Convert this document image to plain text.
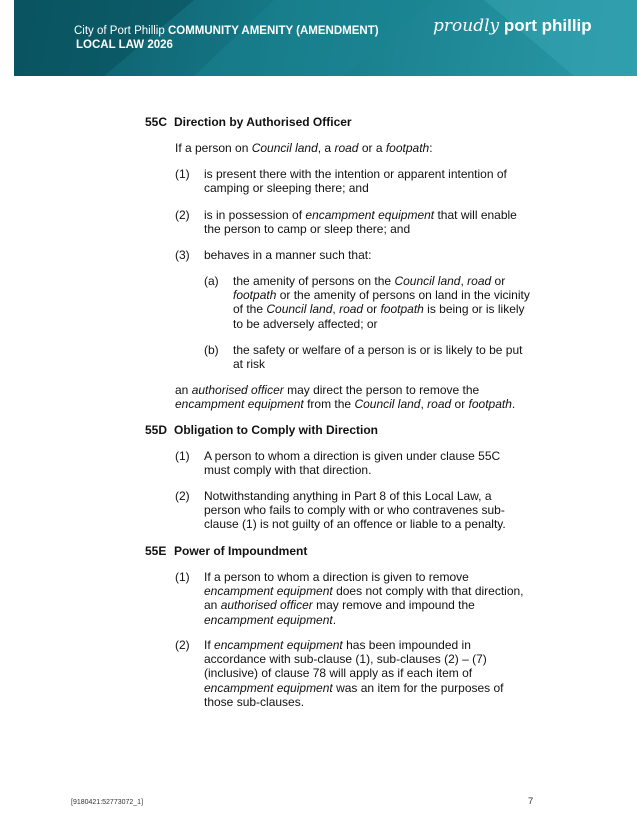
City of Port Phillip COMMUNITY AMENITY (AMENDMENT)
LOCAL LAW 2026
proudly port phillip
55C Direction by Authorised Officer
If a person on Council land, a road or a footpath:
(1) is present there with the intention or apparent intention of
camping or sleeping there; and
(2) is in possession of encampment equipment that will enable
the person to camp or sleep there; and
(3) behaves in a manner such that:
(a) the amenity of persons on the Council land, road or
footpath or the amenity of persons on land in the vicinity
of the Council land, road or footpath is being or is likely
to be adversely affected; or
(b) the safety or welfare of a person is or is likely to be put
at risk
an authorised officer may direct the person to remove the
encampment equipment from the Council land, road or footpath.
55D Obligation to Comply with Direction
(1) A person to whom a direction is given under clause 55C
must comply with that direction.
(2) Notwithstanding anything in Part 8 of this Local Law, a
person who fails to comply with or who contravenes sub-
clause (1) is not guilty of an offence or liable to a penalty.
55E Power of Impoundment
(1) If a person to whom a direction is given to remove
encampment equipment does not comply with that direction,
an authorised officer may remove and impound the
encampment equipment.
(2) If encampment equipment has been impounded in
accordance with sub-clause (1), sub-clauses (2) – (7)
(inclusive) of clause 78 will apply as if each item of
encampment equipment was an item for the purposes of
those sub-clauses.
[9180421:52773072_1]	7
